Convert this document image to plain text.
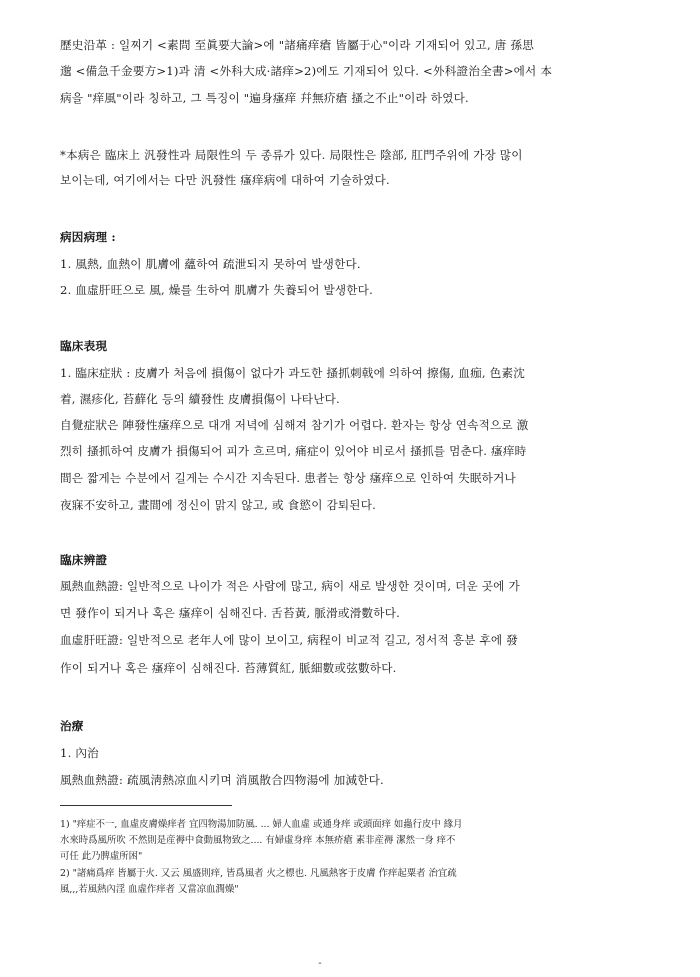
歷史沿革 : 일찌기 <素問 至眞要大論>에 "諸痛痒瘡 皆屬于心"이라 기재되어 있고, 唐 孫思
邈 <備急千金要方>1)과 清 <外科大成·諸痒>2)에도 기재되어 있다. <外科證治全書>에서 本
病을 "痒風"이라 칭하고, 그 특징이 "遍身瘙痒 幷無疥瘡 搔之不止"이라 하였다.
*本病은 臨床上 汎發性과 局限性의 두 종류가 있다. 局限性은 陰部, 肛門주위에 가장 많이
보이는데, 여기에서는 다만 汎發性 瘙痒病에 대하여 기술하였다.
病因病理 :
1. 風熱, 血熱이 肌膚에 蘊하여 疏泄되지 못하여 발생한다.
2. 血虛肝旺으로 風, 燥를 生하여 肌膚가 失養되어 발생한다.
臨床表現
1. 臨床症狀 : 皮膚가 처음에 損傷이 없다가 과도한 搔抓刺戟에 의하여 擦傷, 血痂, 色素沈
着, 濕疹化, 苔蘚化 등의 續發性 皮膚損傷이 나타난다.
自覺症狀은 陣發性瘙痒으로 대개 저녁에 심해져 참기가 어렵다. 환자는 항상 연속적으로 激
烈히 搔抓하여 皮膚가 損傷되어 피가 흐르며, 痛症이 있어야 비로서 搔抓를 멈춘다. 瘙痒時
間은 짧게는 수분에서 길게는 수시간 지속된다. 患者는 항상 瘙痒으로 인하여 失眠하거나
夜寐不安하고, 晝間에 정신이 맑지 않고, 或 食慾이 감퇴된다.
臨床辨證
風熱血熱證: 일반적으로 나이가 적은 사람에 많고, 病이 새로 발생한 것이며, 더운 곳에 가
면 發作이 되거나 혹은 瘙痒이 심해진다. 舌苔黃, 脈滑或滑數하다.
血虛肝旺證: 일반적으로 老年人에 많이 보이고, 病程이 비교적 길고, 정서적 흥분 후에 發
作이 되거나 혹은 瘙痒이 심해진다. 苔薄質紅, 脈細數或弦數하다.
治療
1. 內治
風熱血熱證: 疏風淸熱凉血시키며 消風散合四物湯에 加減한다.
1) "痒症不一, 血虛皮膚燥痒者 宜四物湯加防風. ... 婦人血虛 或通身痒 或頭面痒 如蟲行皮中 緣月
水來時爲風所吹 不然則是産褥中食動風物致之.... 有婦虛身痒 本無疥瘡 素非産褥 潔然一身 痒不
可任 此乃脾虛所困"
2) "諸痛爲痒 皆屬于火. 又云 風盛則痒, 皆爲風者 火之標也. 凡風熱客于皮膚 作痒起粟者 治宜疏
風,,,若風熱內淫 血虛作痒者 又當凉血潤燥"
-
